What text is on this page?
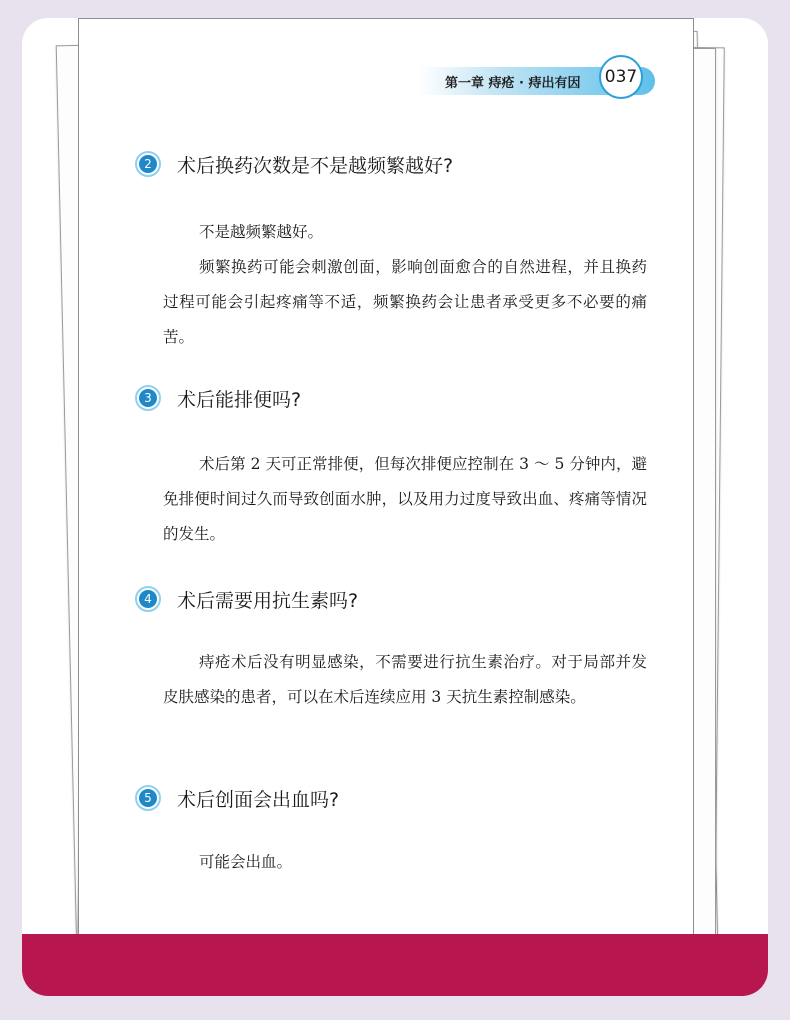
第一章 痔疮 · 痔出有因	037
2 术后换药次数是不是越频繁越好?

不是越频繁越好。

频繁换药可能会刺激创面，影响创面愈合的自然进程，并且换药过程可能会引起疼痛等不适，频繁换药会让患者承受更多不必要的痛苦。

3 术后能排便吗?

术后第 2 天可正常排便，但每次排便应控制在 3 ～ 5 分钟内，避免排便时间过久而导致创面水肿，以及用力过度导致出血、疼痛等情况的发生。

4 术后需要用抗生素吗?

痔疮术后没有明显感染，不需要进行抗生素治疗。对于局部并发皮肤感染的患者，可以在术后连续应用 3 天抗生素控制感染。

5 术后创面会出血吗?

可能会出血。
